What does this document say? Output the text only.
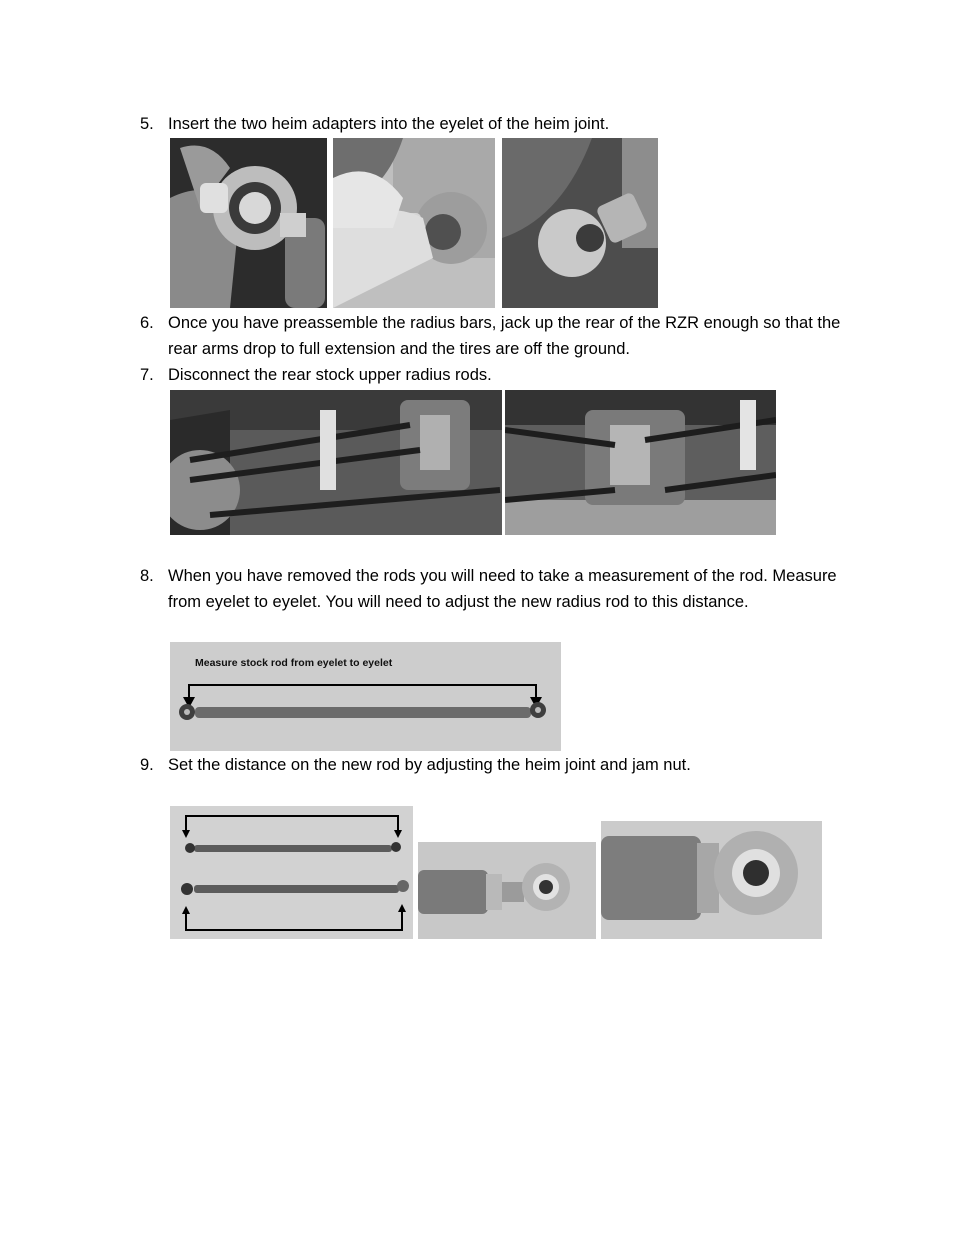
5. Insert the two heim adapters into the eyelet of the heim joint.
6. Once you have preassemble the radius bars, jack up the rear of the RZR enough so that the rear arms drop to full extension and the tires are off the ground.
7. Disconnect the rear stock upper radius rods.
8. When you have removed the rods you will need to take a measurement of the rod. Measure from eyelet to eyelet. You will need to adjust the new radius rod to this distance.
Measure stock rod from eyelet to eyelet
9. Set the distance on the new rod by adjusting the heim joint and jam nut.
